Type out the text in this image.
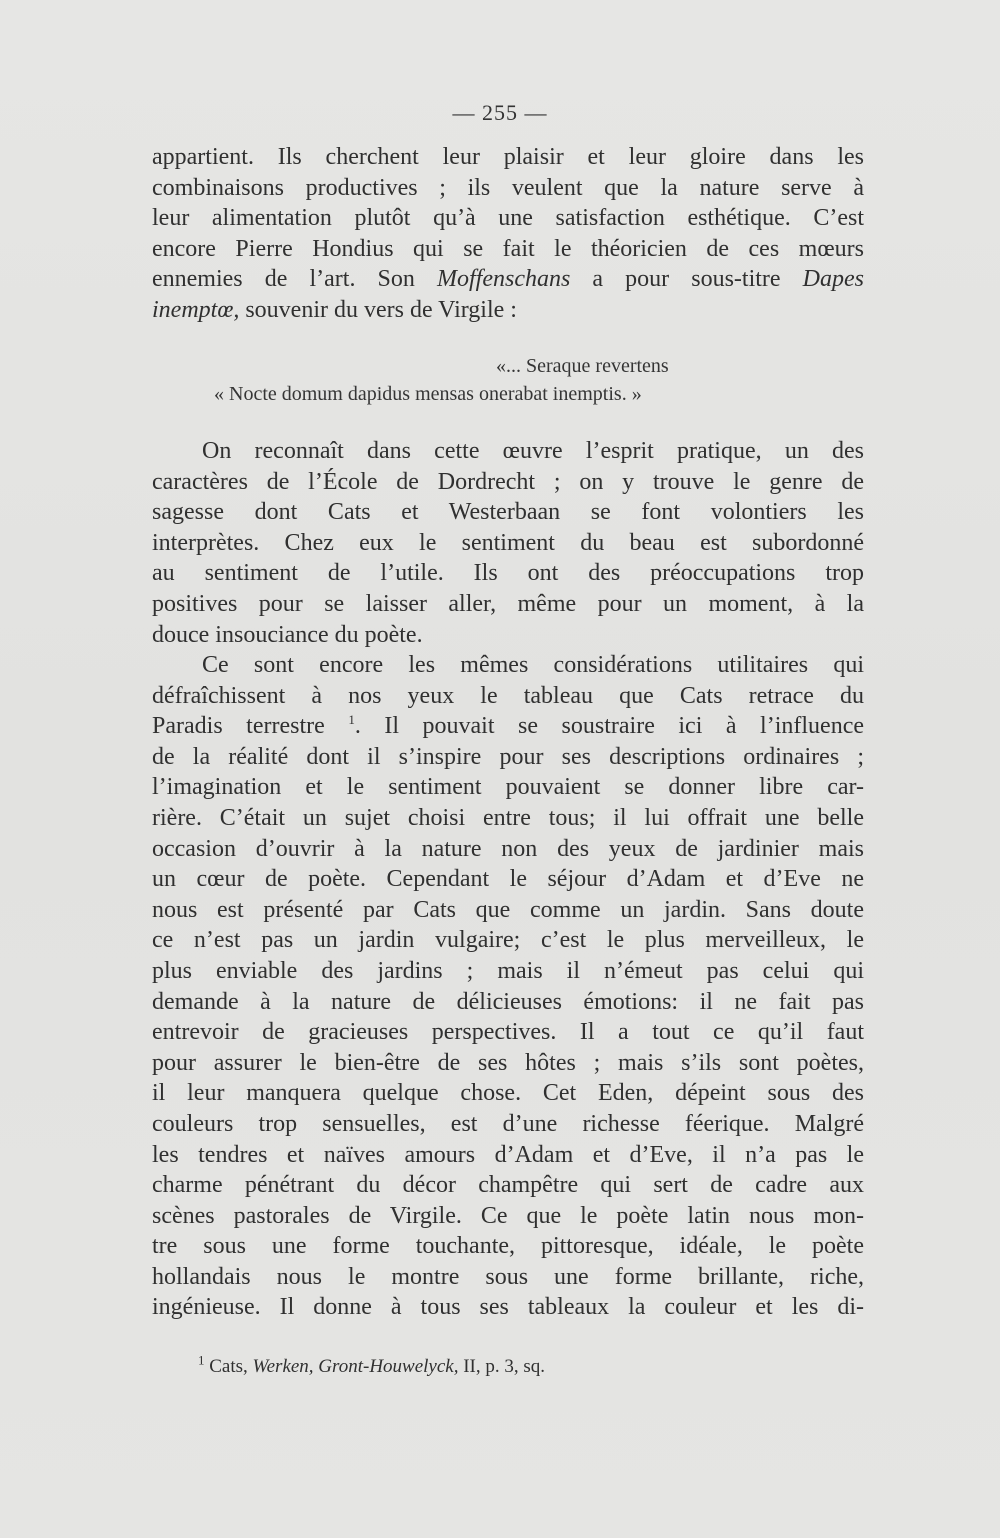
— 255 —
appartient. Ils cherchent leur plaisir et leur gloire dans les
combinaisons productives ; ils veulent que la nature serve à
leur alimentation plutôt qu’à une satisfaction esthétique. C’est
encore Pierre Hondius qui se fait le théoricien de ces mœurs
ennemies de l’art. Son Moffenschans a pour sous-titre Dapes
inemptœ, souvenir du vers de Virgile :
«... Seraque revertens
« Nocte domum dapidus mensas onerabat inemptis. »
On reconnaît dans cette œuvre l’esprit pratique, un des
caractères de l’École de Dordrecht ; on y trouve le genre de
sagesse dont Cats et Westerbaan se font volontiers les
interprètes. Chez eux le sentiment du beau est subordonné
au sentiment de l’utile. Ils ont des préoccupations trop
positives pour se laisser aller, même pour un moment, à la
douce insouciance du poète.
Ce sont encore les mêmes considérations utilitaires qui
défraîchissent à nos yeux le tableau que Cats retrace du
Paradis terrestre $^1$. Il pouvait se soustraire ici à l’influence
de la réalité dont il s’inspire pour ses descriptions ordinaires ;
l’imagination et le sentiment pouvaient se donner libre car-
rière. C’était un sujet choisi entre tous; il lui offrait une belle
occasion d’ouvrir à la nature non des yeux de jardinier mais
un cœur de poète. Cependant le séjour d’Adam et d’Eve ne
nous est présenté par Cats que comme un jardin. Sans doute
ce n’est pas un jardin vulgaire; c’est le plus merveilleux, le
plus enviable des jardins ; mais il n’émeut pas celui qui
demande à la nature de délicieuses émotions: il ne fait pas
entrevoir de gracieuses perspectives. Il a tout ce qu’il faut
pour assurer le bien-être de ses hôtes ; mais s’ils sont poètes,
il leur manquera quelque chose. Cet Eden, dépeint sous des
couleurs trop sensuelles, est d’une richesse féerique. Malgré
les tendres et naïves amours d’Adam et d’Eve, il n’a pas le
charme pénétrant du décor champêtre qui sert de cadre aux
scènes pastorales de Virgile. Ce que le poète latin nous mon-
tre sous une forme touchante, pittoresque, idéale, le poète
hollandais nous le montre sous une forme brillante, riche,
ingénieuse. Il donne à tous ses tableaux la couleur et les di-
$^1$ Cats, Werken, Gront-Houwelyck, II, p. 3, sq.
